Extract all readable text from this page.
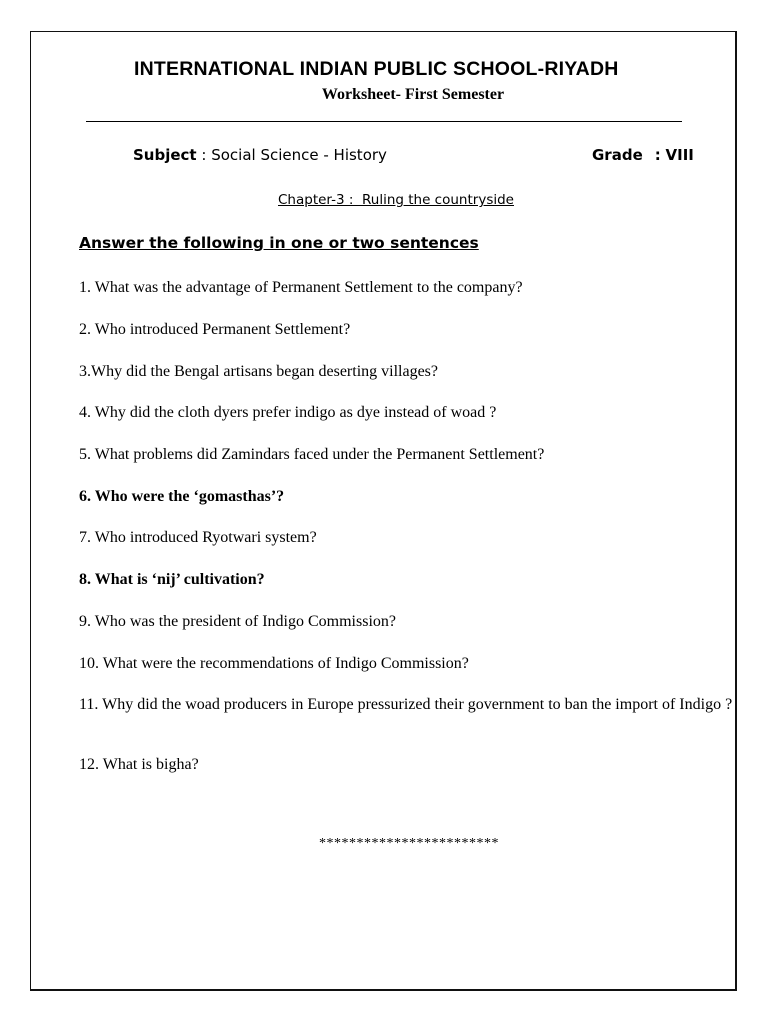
INTERNATIONAL INDIAN PUBLIC SCHOOL-RIYADH
Worksheet- First Semester
Subject : Social Science - History	Grade : VIII
Chapter-3 :  Ruling the countryside
Answer the following in one or two sentences
1. What was the advantage of Permanent Settlement to the company?
2. Who introduced Permanent Settlement?
3.Why did the Bengal artisans began deserting villages?
4. Why did the cloth dyers prefer indigo as dye instead of woad ?
5. What problems did Zamindars faced under the Permanent Settlement?
6. Who were the ‘gomasthas’?
7. Who introduced Ryotwari system?
8. What is ‘nij’ cultivation?
9. Who was the president of Indigo Commission?
10. What were the recommendations of Indigo Commission?
11. Why did the woad producers in Europe pressurized their government to ban the import of Indigo ?
12. What is bigha?
************************
